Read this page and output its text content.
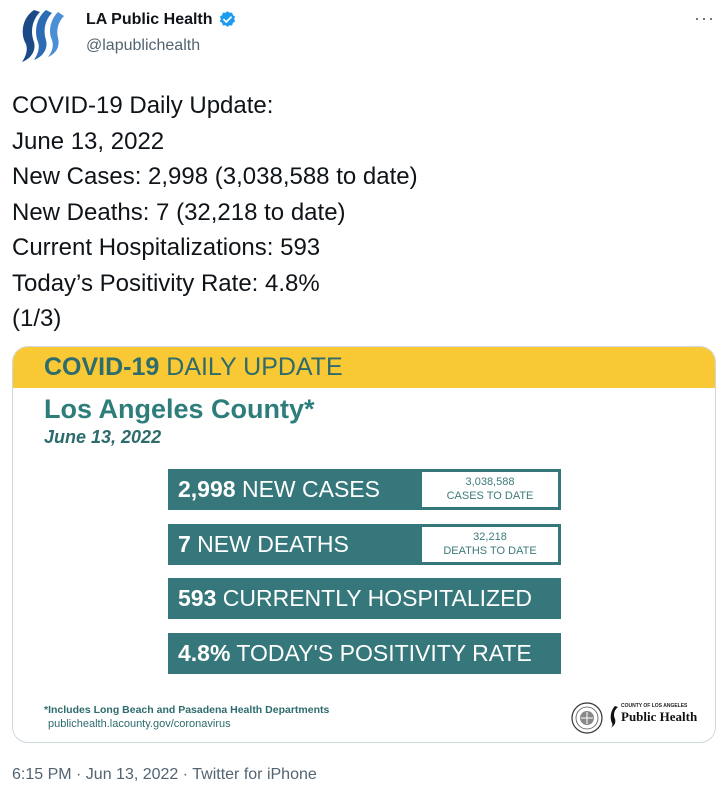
LA Public Health
@lapublichealth
···
COVID-19 Daily Update:
June 13, 2022
New Cases: 2,998 (3,038,588 to date)
New Deaths: 7 (32,218 to date)
Current Hospitalizations: 593
Today’s Positivity Rate: 4.8%
(1/3)
COVID-19 DAILY UPDATE
Los Angeles County*
June 13, 2022
2,998 NEW CASES	3,038,588
CASES TO DATE
7 NEW DEATHS	32,218
DEATHS TO DATE
593 CURRENTLY HOSPITALIZED
4.8% TODAY'S POSITIVITY RATE
*Includes Long Beach and Pasadena Health Departments
publichealth.lacounty.gov/coronavirus
COUNTY OF LOS ANGELES
Public Health
6:15 PM · Jun 13, 2022 · Twitter for iPhone
